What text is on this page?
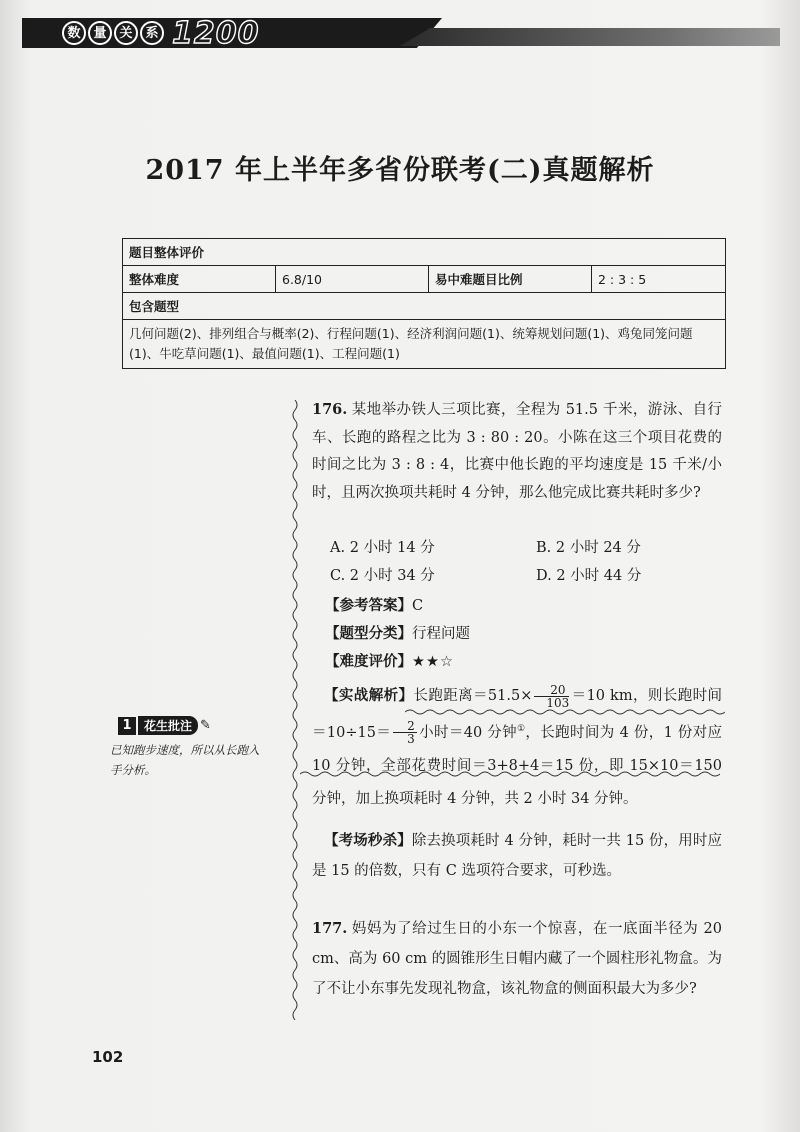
数 量 关 系 1200
2017 年上半年多省份联考(二)真题解析
题目整体评价
整体难度	6.8/10	易中难题目比例	2 : 3 : 5
包含题型
几何问题(2)、排列组合与概率(2)、行程问题(1)、经济利润问题(1)、统筹规划问题(1)、鸡兔同笼问题(1)、牛吃草问题(1)、最值问题(1)、工程问题(1)
176. 某地举办铁人三项比赛，全程为 51.5 千米，游泳、自行车、长跑的路程之比为 3 : 80 : 20。小陈在这三个项目花费的时间之比为 3 : 8 : 4，比赛中他长跑的平均速度是 15 千米/小时，且两次换项共耗时 4 分钟，那么他完成比赛共耗时多少?
A. 2 小时 14 分	B. 2 小时 24 分
C. 2 小时 34 分	D. 2 小时 44 分
【参考答案】C
【题型分类】行程问题
【难度评价】★★☆
【实战解析】长跑距离$=51.5\times \frac{20}{103} =10$ km，则长跑时间$=10\div 15= \frac{2}{3}$ 小时＝40 分钟①，长跑时间为 4 份，1 份对应 10 分钟，全部花费时间＝3+8+4＝15 份，即 15×10＝150 分钟，加上换项耗时 4 分钟，共 2 小时 34 分钟。
【考场秒杀】除去换项耗时 4 分钟，耗时一共 15 份，用时应是 15 的倍数，只有 C 选项符合要求，可秒选。
1	花生批注 ✎
已知跑步速度，所以从长跑入手分析。
177. 妈妈为了给过生日的小东一个惊喜，在一底面半径为 20 cm、高为 60 cm 的圆锥形生日帽内藏了一个圆柱形礼物盒。为了不让小东事先发现礼物盒，该礼物盒的侧面积最大为多少?
102
